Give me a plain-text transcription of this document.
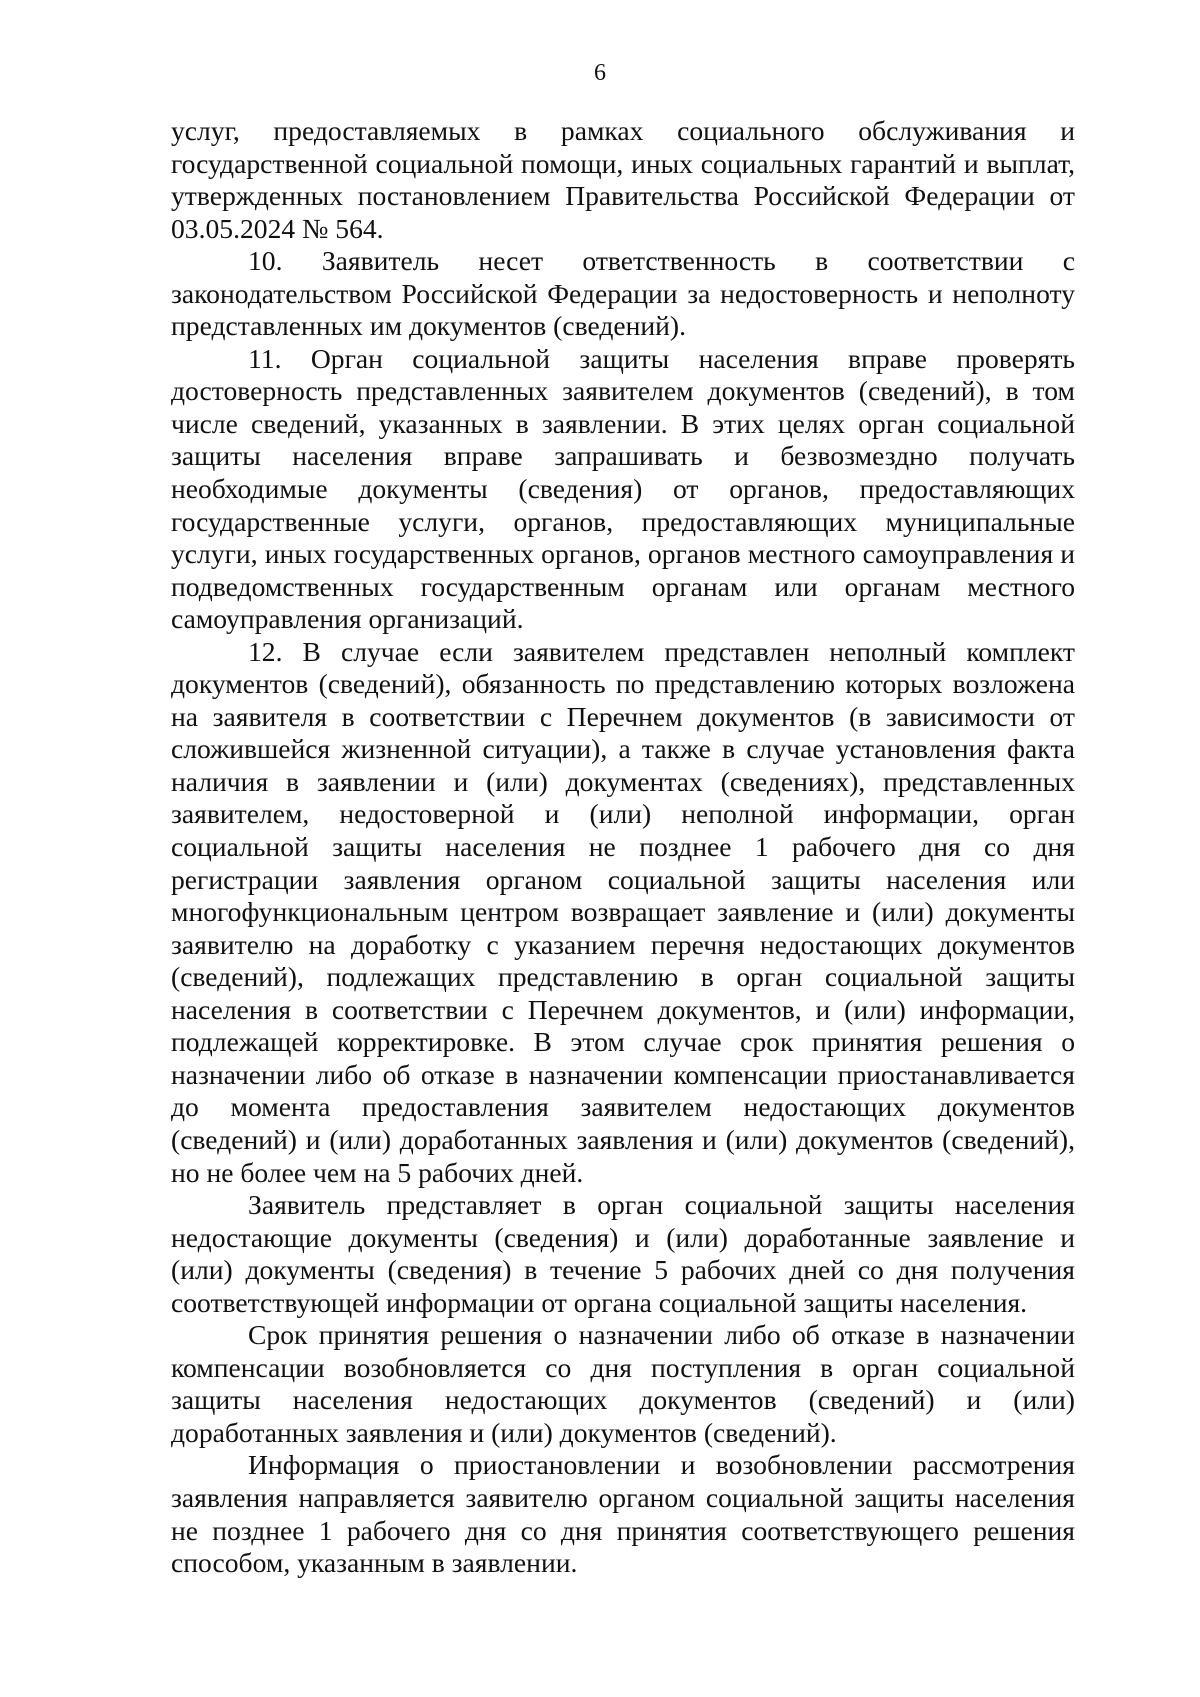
6

услуг, предоставляемых в рамках социального обслуживания и государственной социальной помощи, иных социальных гарантий и выплат, утвержденных постановлением Правительства Российской Федерации от 03.05.2024 № 564.

10. Заявитель несет ответственность в соответствии с законодательством Российской Федерации за недостоверность и неполноту представленных им документов (сведений).

11. Орган социальной защиты населения вправе проверять достоверность представленных заявителем документов (сведений), в том числе сведений, указанных в заявлении. В этих целях орган социальной защиты населения вправе запрашивать и безвозмездно получать необходимые документы (сведения) от органов, предоставляющих государственные услуги, органов, предоставляющих муниципальные услуги, иных государственных органов, органов местного самоуправления и подведомственных государственным органам или органам местного самоуправления организаций.

12. В случае если заявителем представлен неполный комплект документов (сведений), обязанность по представлению которых возложена на заявителя в соответствии с Перечнем документов (в зависимости от сложившейся жизненной ситуации), а также в случае установления факта наличия в заявлении и (или) документах (сведениях), представленных заявителем, недостоверной и (или) неполной информации, орган социальной защиты населения не позднее 1 рабочего дня со дня регистрации заявления органом социальной защиты населения или многофункциональным центром возвращает заявление и (или) документы заявителю на доработку с указанием перечня недостающих документов (сведений), подлежащих представлению в орган социальной защиты населения в соответствии с Перечнем документов, и (или) информации, подлежащей корректировке. В этом случае срок принятия решения о назначении либо об отказе в назначении компенсации приостанавливается до момента предоставления заявителем недостающих документов (сведений) и (или) доработанных заявления и (или) документов (сведений), но не более чем на 5 рабочих дней.

Заявитель представляет в орган социальной защиты населения недостающие документы (сведения) и (или) доработанные заявление и (или) документы (сведения) в течение 5 рабочих дней со дня получения соответствующей информации от органа социальной защиты населения.

Срок принятия решения о назначении либо об отказе в назначении компенсации возобновляется со дня поступления в орган социальной защиты населения недостающих документов (сведений) и (или) доработанных заявления и (или) документов (сведений).

Информация о приостановлении и возобновлении рассмотрения заявления направляется заявителю органом социальной защиты населения не позднее 1 рабочего дня со дня принятия соответствующего решения способом, указанным в заявлении.
